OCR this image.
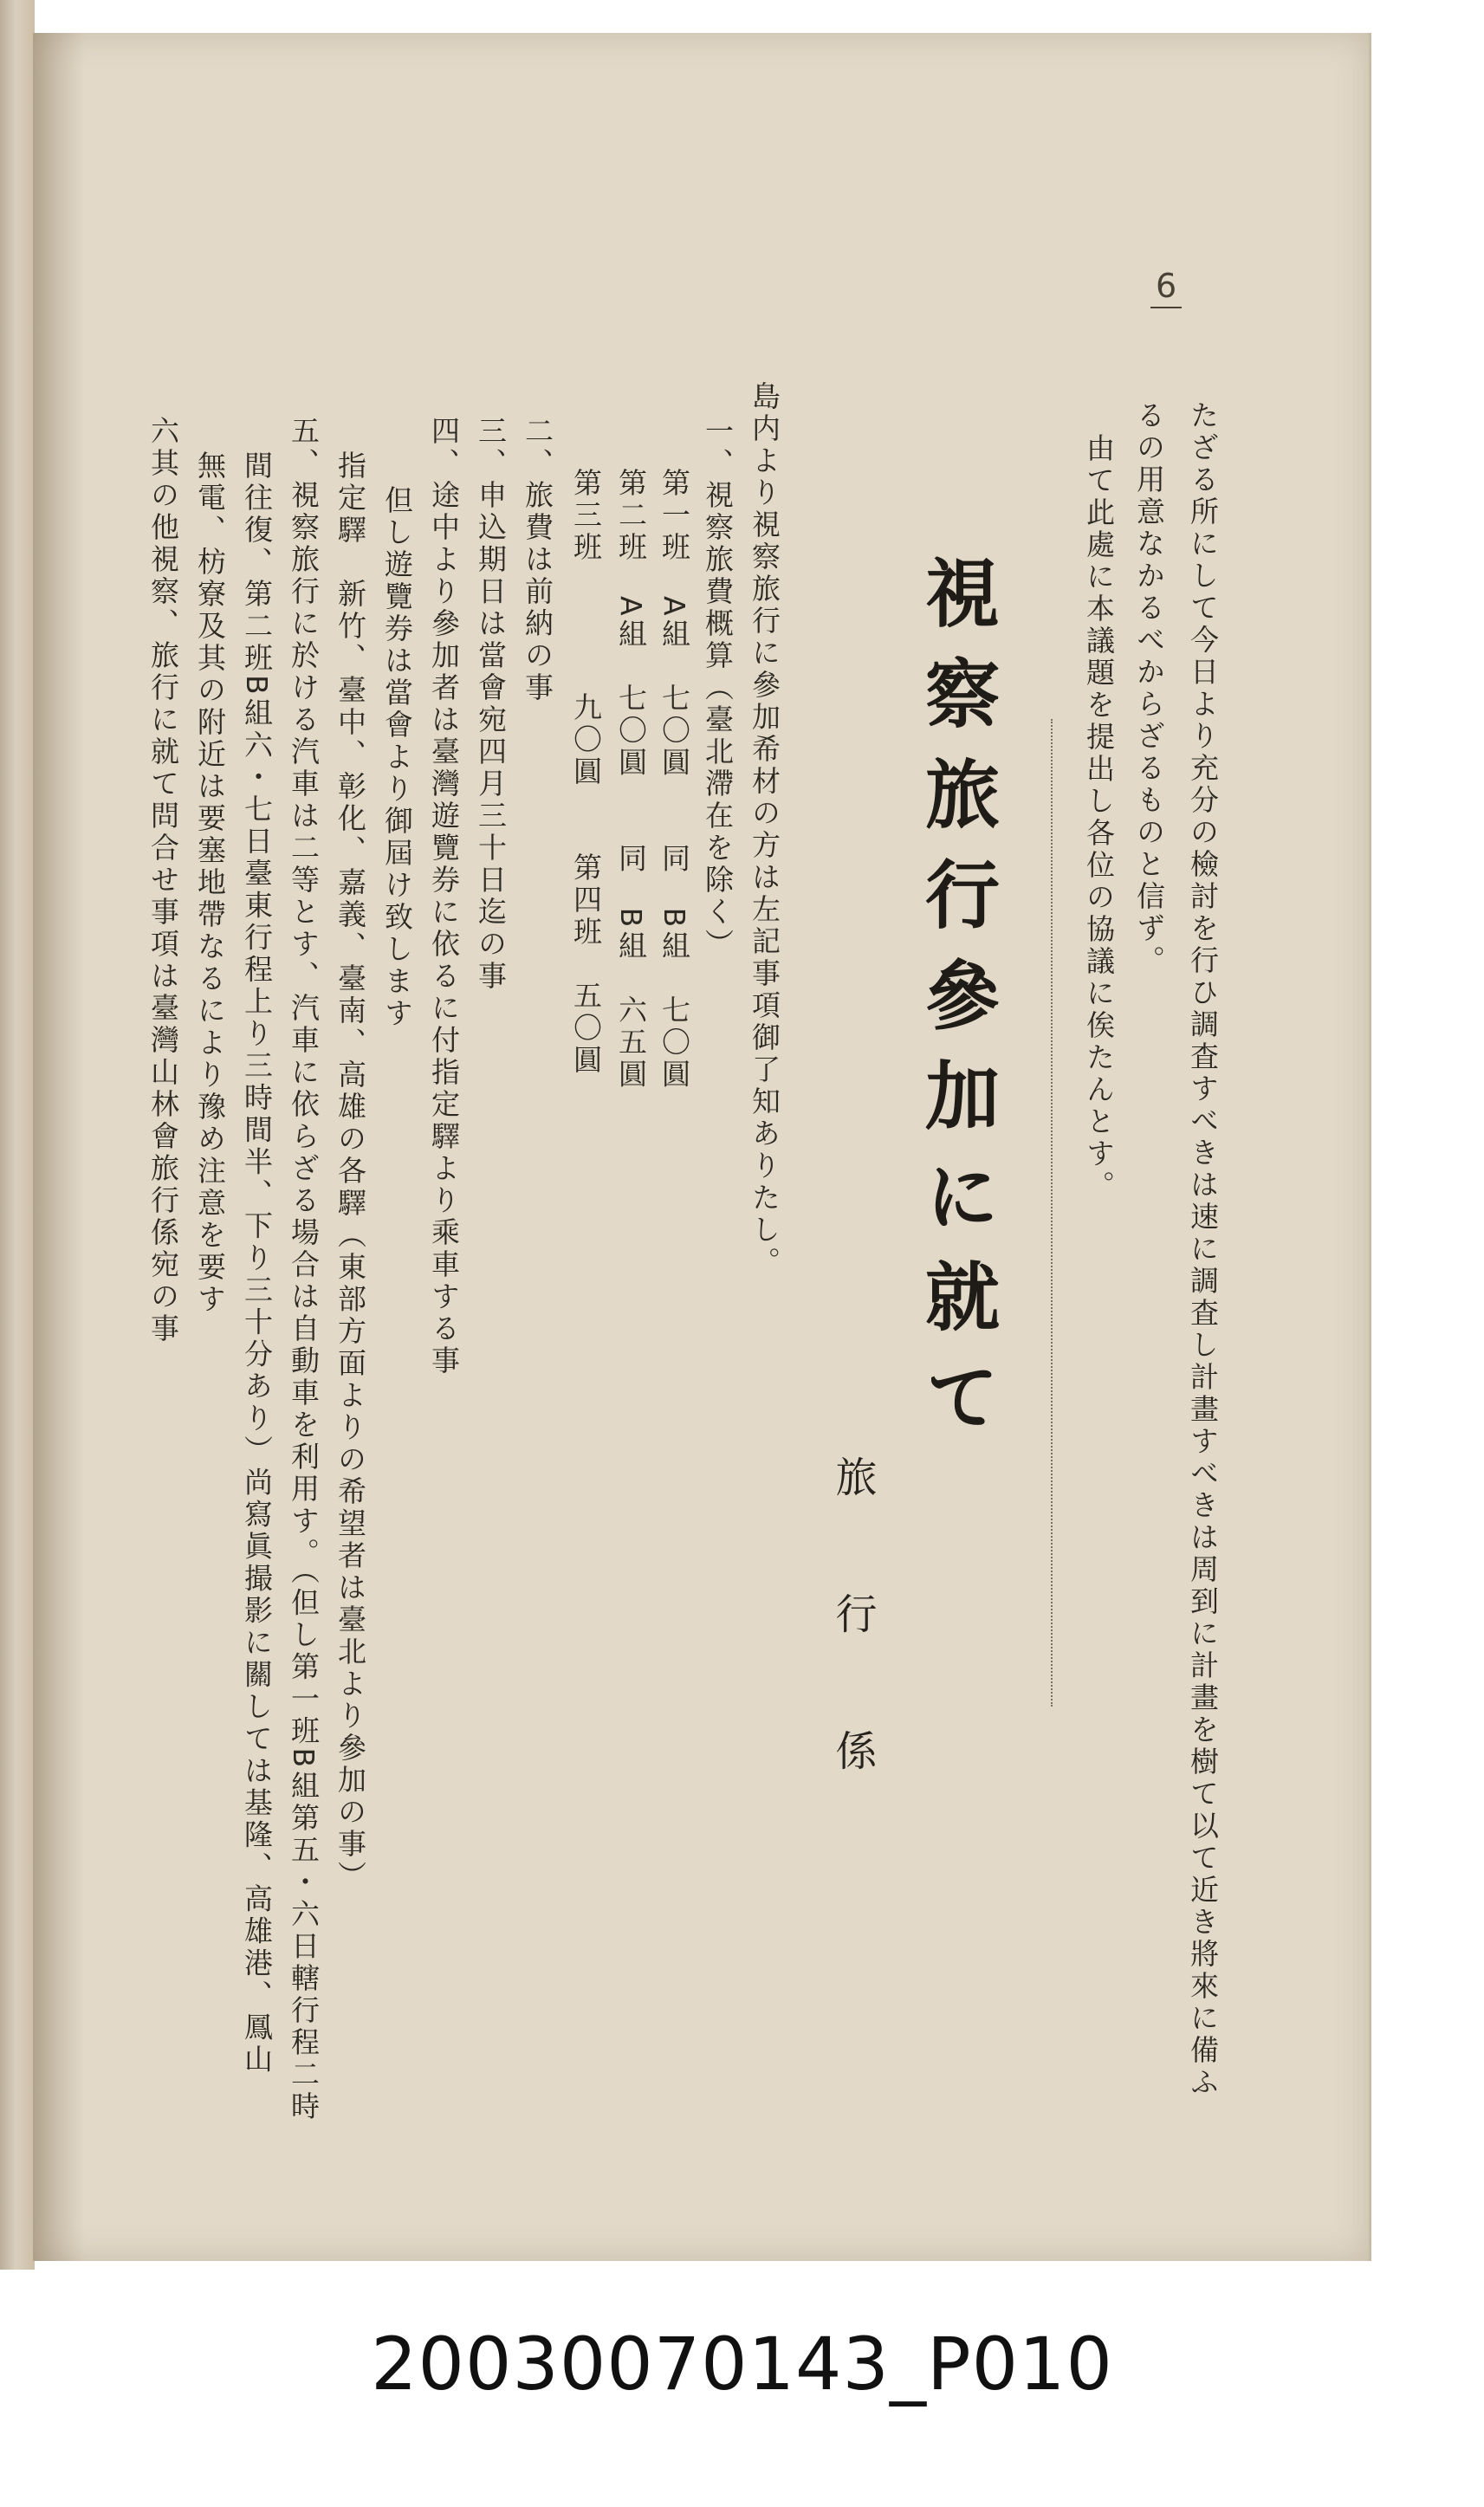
6
たざる所にして今日より充分の檢討を行ひ調査すべきは速に調査し計畫すべきは周到に計畫を樹て以て近き將來に備ふ
るの用意なかるべからざるものと信ず。
由て此處に本議題を提出し各位の協議に俟たんとす。
視察旅行參加に就て
旅行係
島内より視察旅行に參加希材の方は左記事項御了知ありたし。
一、視察旅費概算（臺北滯在を除く）
第一班　A組　七〇圓　　同　B組　七〇圓
第二班　A組　七〇圓　　同　B組　六五圓
第三班　　　　九〇圓　　第四班　五〇圓
二、旅費は前納の事
三、申込期日は當會宛四月三十日迄の事
四、途中より參加者は臺灣遊覽券に依るに付指定驛より乘車する事
但し遊覽券は當會より御屆け致します
指定驛　新竹、臺中、彰化、嘉義、臺南、高雄の各驛（東部方面よりの希望者は臺北より參加の事）
五、視察旅行に於ける汽車は二等とす、汽車に依らざる場合は自動車を利用す。（但し第一班B組第五・六日轄行程二時
間往復、第二班B組六・七日臺東行程上り三時間半、下り三十分あり）尚寫眞撮影に關しては基隆、高雄港、鳳山
無電、枋寮及其の附近は要塞地帶なるにより豫め注意を要す
六其の他視察、旅行に就て問合せ事項は臺灣山林會旅行係宛の事
20030070143_P010
